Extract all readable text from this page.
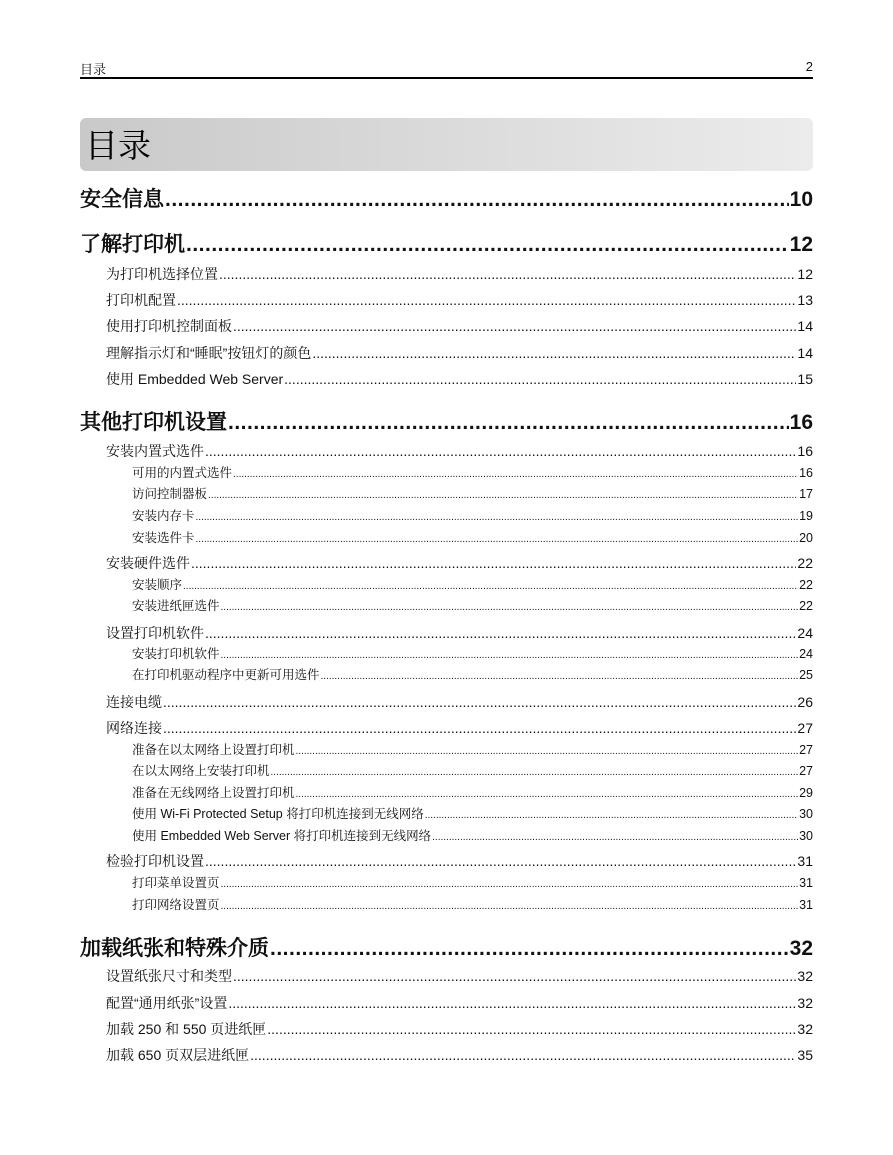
目录	2
目录
安全信息 .....	10
了解打印机 .....	12
为打印机选择位置 .....	12
打印机配置 .....	13
使用打印机控制面板 .....	14
理解指示灯和“睡眠”按钮灯的颜色 .....	14
使用 Embedded Web Server .....	15
其他打印机设置 .....	16
安装内置式选件 .....	16
可用的内置式选件 .....	16
访问控制器板 .....	17
安装内存卡 .....	19
安装选件卡 .....	20
安装硬件选件 .....	22
安装顺序 .....	22
安装进纸匣选件 .....	22
设置打印机软件 .....	24
安装打印机软件 .....	24
在打印机驱动程序中更新可用选件 .....	25
连接电缆 .....	26
网络连接 .....	27
准备在以太网络上设置打印机 .....	27
在以太网络上安装打印机 .....	27
准备在无线网络上设置打印机 .....	29
使用 Wi-Fi Protected Setup 将打印机连接到无线网络 .....	30
使用 Embedded Web Server 将打印机连接到无线网络 .....	30
检验打印机设置 .....	31
打印菜单设置页 .....	31
打印网络设置页 .....	31
加载纸张和特殊介质 .....	32
设置纸张尺寸和类型 .....	32
配置“通用纸张”设置 .....	32
加载 250 和 550 页进纸匣 .....	32
加载 650 页双层进纸匣 .....	35
